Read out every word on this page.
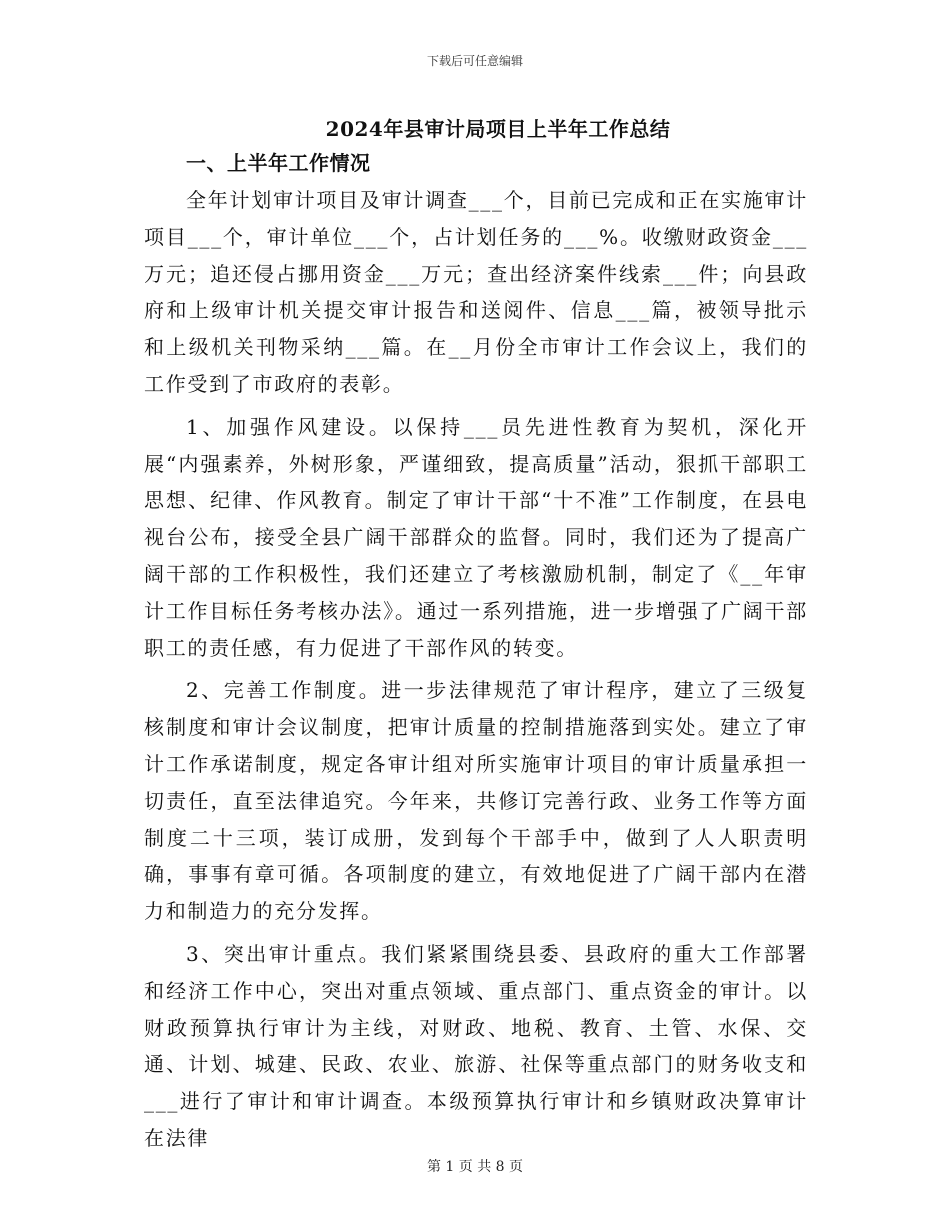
下载后可任意编辑
2024年县审计局项目上半年工作总结

一、上半年工作情况

全年计划审计项目及审计调查___个，目前已完成和正在实施审计项目___个，审计单位___个，占计划任务的___%。收缴财政资金___万元；追还侵占挪用资金___万元；查出经济案件线索___件；向县政府和上级审计机关提交审计报告和送阅件、信息___篇，被领导批示和上级机关刊物采纳___篇。在__月份全市审计工作会议上，我们的工作受到了市政府的表彰。

1、加强作风建设。以保持___员先进性教育为契机，深化开展“内强素养，外树形象，严谨细致，提高质量”活动，狠抓干部职工思想、纪律、作风教育。制定了审计干部“十不准”工作制度，在县电视台公布，接受全县广阔干部群众的监督。同时，我们还为了提高广阔干部的工作积极性，我们还建立了考核激励机制，制定了《__年审计工作目标任务考核办法》。通过一系列措施，进一步增强了广阔干部职工的责任感，有力促进了干部作风的转变。

2、完善工作制度。进一步法律规范了审计程序，建立了三级复核制度和审计会议制度，把审计质量的控制措施落到实处。建立了审计工作承诺制度，规定各审计组对所实施审计项目的审计质量承担一切责任，直至法律追究。今年来，共修订完善行政、业务工作等方面制度二十三项，装订成册，发到每个干部手中，做到了人人职责明确，事事有章可循。各项制度的建立，有效地促进了广阔干部内在潜力和制造力的充分发挥。

3、突出审计重点。我们紧紧围绕县委、县政府的重大工作部署和经济工作中心，突出对重点领域、重点部门、重点资金的审计。以财政预算执行审计为主线，对财政、地税、教育、土管、水保、交通、计划、城建、民政、农业、旅游、社保等重点部门的财务收支和___进行了审计和审计调查。本级预算执行审计和乡镇财政决算审计在法律

第 1 页 共 8 页
